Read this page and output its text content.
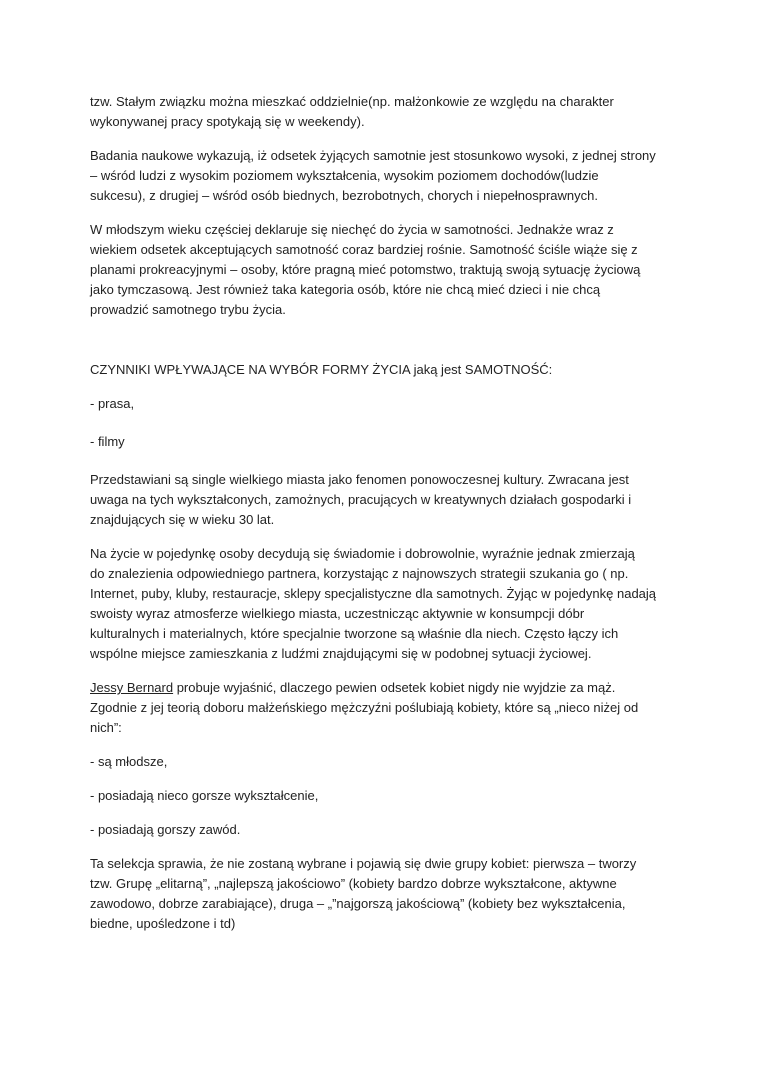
tzw. Stałym związku można mieszkać oddzielnie(np. małżonkowie ze względu na charakter
wykonywanej pracy spotykają się w weekendy).

Badania naukowe wykazują, iż odsetek żyjących samotnie jest stosunkowo wysoki, z jednej strony
– wśród ludzi z wysokim poziomem wykształcenia, wysokim poziomem dochodów(ludzie
sukcesu), z drugiej – wśród osób biednych, bezrobotnych, chorych i niepełnosprawnych.

W młodszym wieku częściej deklaruje się niechęć do życia w samotności. Jednakże wraz z
wiekiem odsetek akceptujących samotność coraz bardziej rośnie. Samotność ściśle wiąże się z
planami prokreacyjnymi – osoby, które pragną mieć potomstwo, traktują swoją sytuację życiową
jako tymczasową. Jest również taka kategoria osób, które nie chcą mieć dzieci i nie chcą
prowadzić samotnego trybu życia.

CZYNNIKI WPŁYWAJĄCE NA WYBÓR FORMY ŻYCIA jaką jest SAMOTNOŚĆ:

- prasa,

- filmy

Przedstawiani są single wielkiego miasta jako fenomen ponowoczesnej kultury. Zwracana jest
uwaga na tych wykształconych, zamożnych, pracujących w kreatywnych działach gospodarki i
znajdujących się w wieku 30 lat.

Na życie w pojedynkę osoby decydują się świadomie i dobrowolnie, wyraźnie jednak zmierzają
do znalezienia odpowiedniego partnera, korzystając z najnowszych strategii szukania go ( np.
Internet, puby, kluby, restauracje, sklepy specjalistyczne dla samotnych. Żyjąc w pojedynkę nadają
swoisty wyraz atmosferze wielkiego miasta, uczestnicząc aktywnie w konsumpcji dóbr
kulturalnych i materialnych, które specjalnie tworzone są właśnie dla niech. Często łączy ich
wspólne miejsce zamieszkania z ludźmi znajdującymi się w podobnej sytuacji życiowej.

Jessy Bernard probuje wyjaśnić, dlaczego pewien odsetek kobiet nigdy nie wyjdzie za mąż.
Zgodnie z jej teorią doboru małżeńskiego mężczyźni poślubiają kobiety, które są „nieco niżej od
nich”:

- są młodsze,

- posiadają nieco gorsze wykształcenie,

- posiadają gorszy zawód.

Ta selekcja sprawia, że nie zostaną wybrane i pojawią się dwie grupy kobiet: pierwsza – tworzy
tzw. Grupę „elitarną”, „najlepszą jakościowo” (kobiety bardzo dobrze wykształcone, aktywne
zawodowo, dobrze zarabiające), druga – „”najgorszą jakościową” (kobiety bez wykształcenia,
biedne, upośledzone i td)
